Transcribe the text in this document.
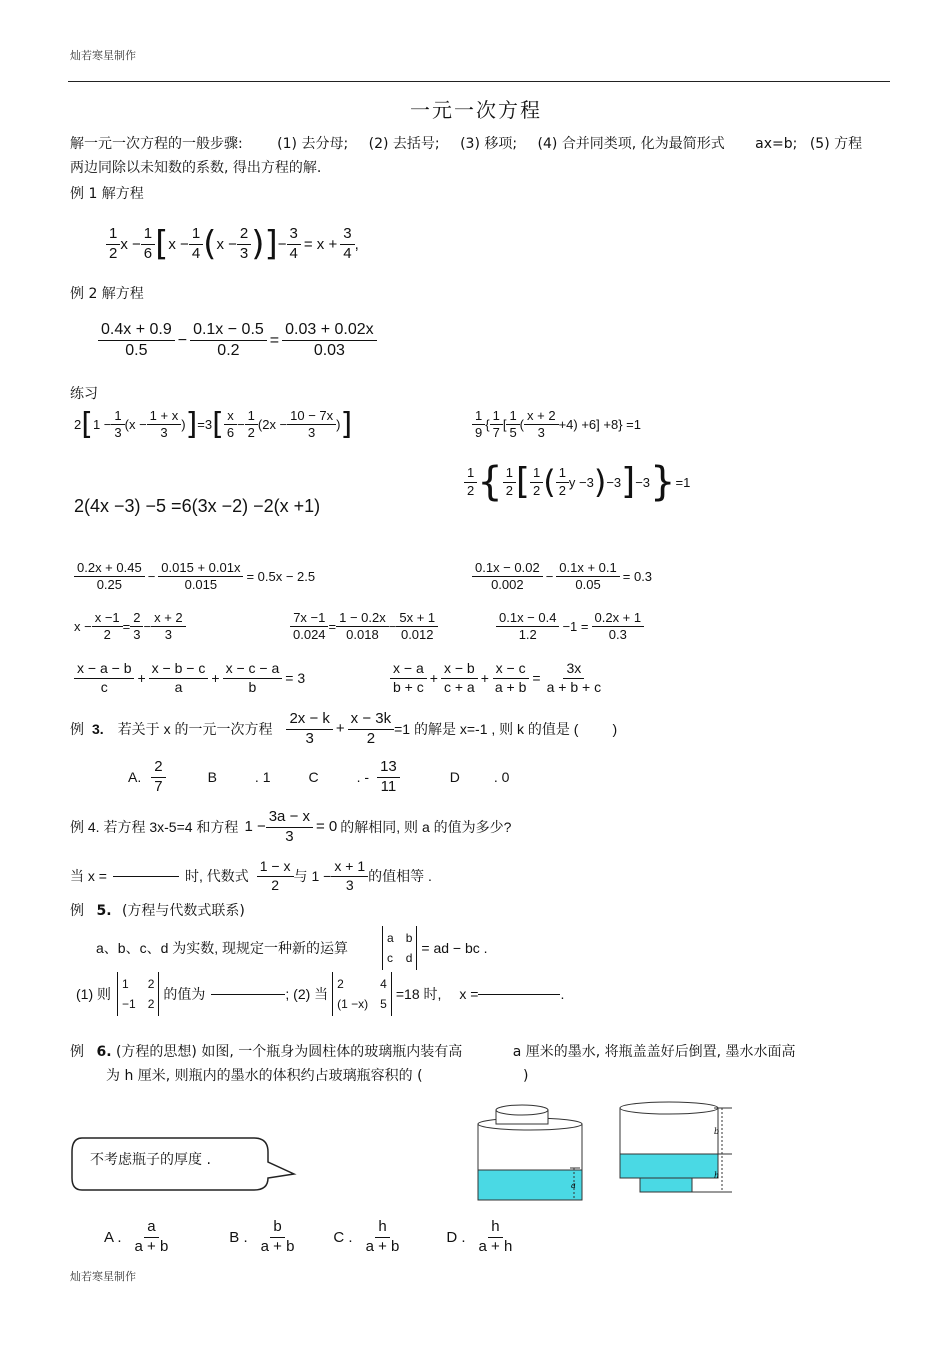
灿若寒星制作
一元一次方程
解一元一次方程的一般步骤: (1) 去分母; (2) 去括号; (3) 移项; (4) 合并同类项, 化为最简形式 ax=b; (5) 方程
两边同除以未知数的系数, 得出方程的解.
例 1 解方程
$\frac{1}{2}$ $x - \frac{1}{6}$ [ $x - \frac{1}{4}$ ( $x - \frac{2}{3}$ ) ] − $\frac{3}{4} = x + \frac{3}{4}$ ,
例 2 解方程
$\frac{0.4x + 0.9}{0.5} - \frac{0.1x - 0.5}{0.2} = \frac{0.03 + 0.02x}{0.03}$
练习
2 [ $1 - \frac{1}{3} (x - \frac{1 + x}{3}$ ) ] =3 [ $\frac{x}{6} - \frac{1}{2} (2x - \frac{10 - 7x}{3}$ ) ]	$\frac{1}{9}$ { $\frac{1}{7}$ [ $\frac{1}{5}$ ( $\frac{x + 2}{3} +4) +6] +8\} =1$
$\frac{1}{2}$ { $\frac{1}{2}$ [ $\frac{1}{2}$ ( $\frac{1}{2}$ y −3 ) −3 ] −3 } =1
2(4x −3) −5 =6(3x −2) −2(x +1)
$\frac{0.2x + 0.45}{0.25} - \frac{0.015 + 0.01x}{0.015} = 0.5x - 2.5$	$\frac{0.1x - 0.02}{0.002} - \frac{0.1x + 0.1}{0.05} = 0.3$
$x - \frac{x -1}{2} = \frac{2}{3} - \frac{x + 2}{3}$	$\frac{7x -1}{0.024} = \frac{1 - 0.2x}{0.018} - \frac{5x + 1}{0.012}$	$\frac{0.1x - 0.4}{1.2} -1 = \frac{0.2x + 1}{0.3}$
$\frac{x - a - b}{c} + \frac{x - b - c}{a} + \frac{x - c - a}{b} = 3$	$\frac{x - a}{b + c} + \frac{x - b}{c + a} + \frac{x - c}{a + b} = \frac{3x}{a + b + c}$
例 3. 若关于 x 的一元一次方程 $\frac{2x - k}{3} + \frac{x - 3k}{2} =1$ 的解是 x=-1 , 则 k 的值是 ( )
A. $\frac{2}{7}$	B	. 1	C	. - $\frac{13}{11}$	D . 0
例 4. 若方程 3x-5=4 和方程 $1 - \frac{3a - x}{3} = 0$ 的解相同, 则 a 的值为多少?
当 x =	时, 代数式 $\frac{1 - x}{2}$ 与 $1 - \frac{x + 1}{3}$ 的值相等 .
例 5. (方程与代数式联系)
a、b、c、d 为实数, 现规定一种新的运算
a b
c d
= ad − bc .
(1) 则
1	2
−1 2
的值为	; (2) 当
2	4
(1 −x) 5
=18 时, x =	.
例 6. (方程的思想) 如图, 一个瓶身为圆柱体的玻璃瓶内装有高	a 厘米的墨水, 将瓶盖盖好后倒置, 墨水水面高
为 h 厘米, 则瓶内的墨水的体积约占玻璃瓶容积的 (	)
不考虑瓶子的厚度 .
a
b
h
A . $\frac{a}{a + b}$	B . $\frac{b}{a + b}$ C . $\frac{h}{a + b}$	D . $\frac{h}{a + h}$
灿若寒星制作
